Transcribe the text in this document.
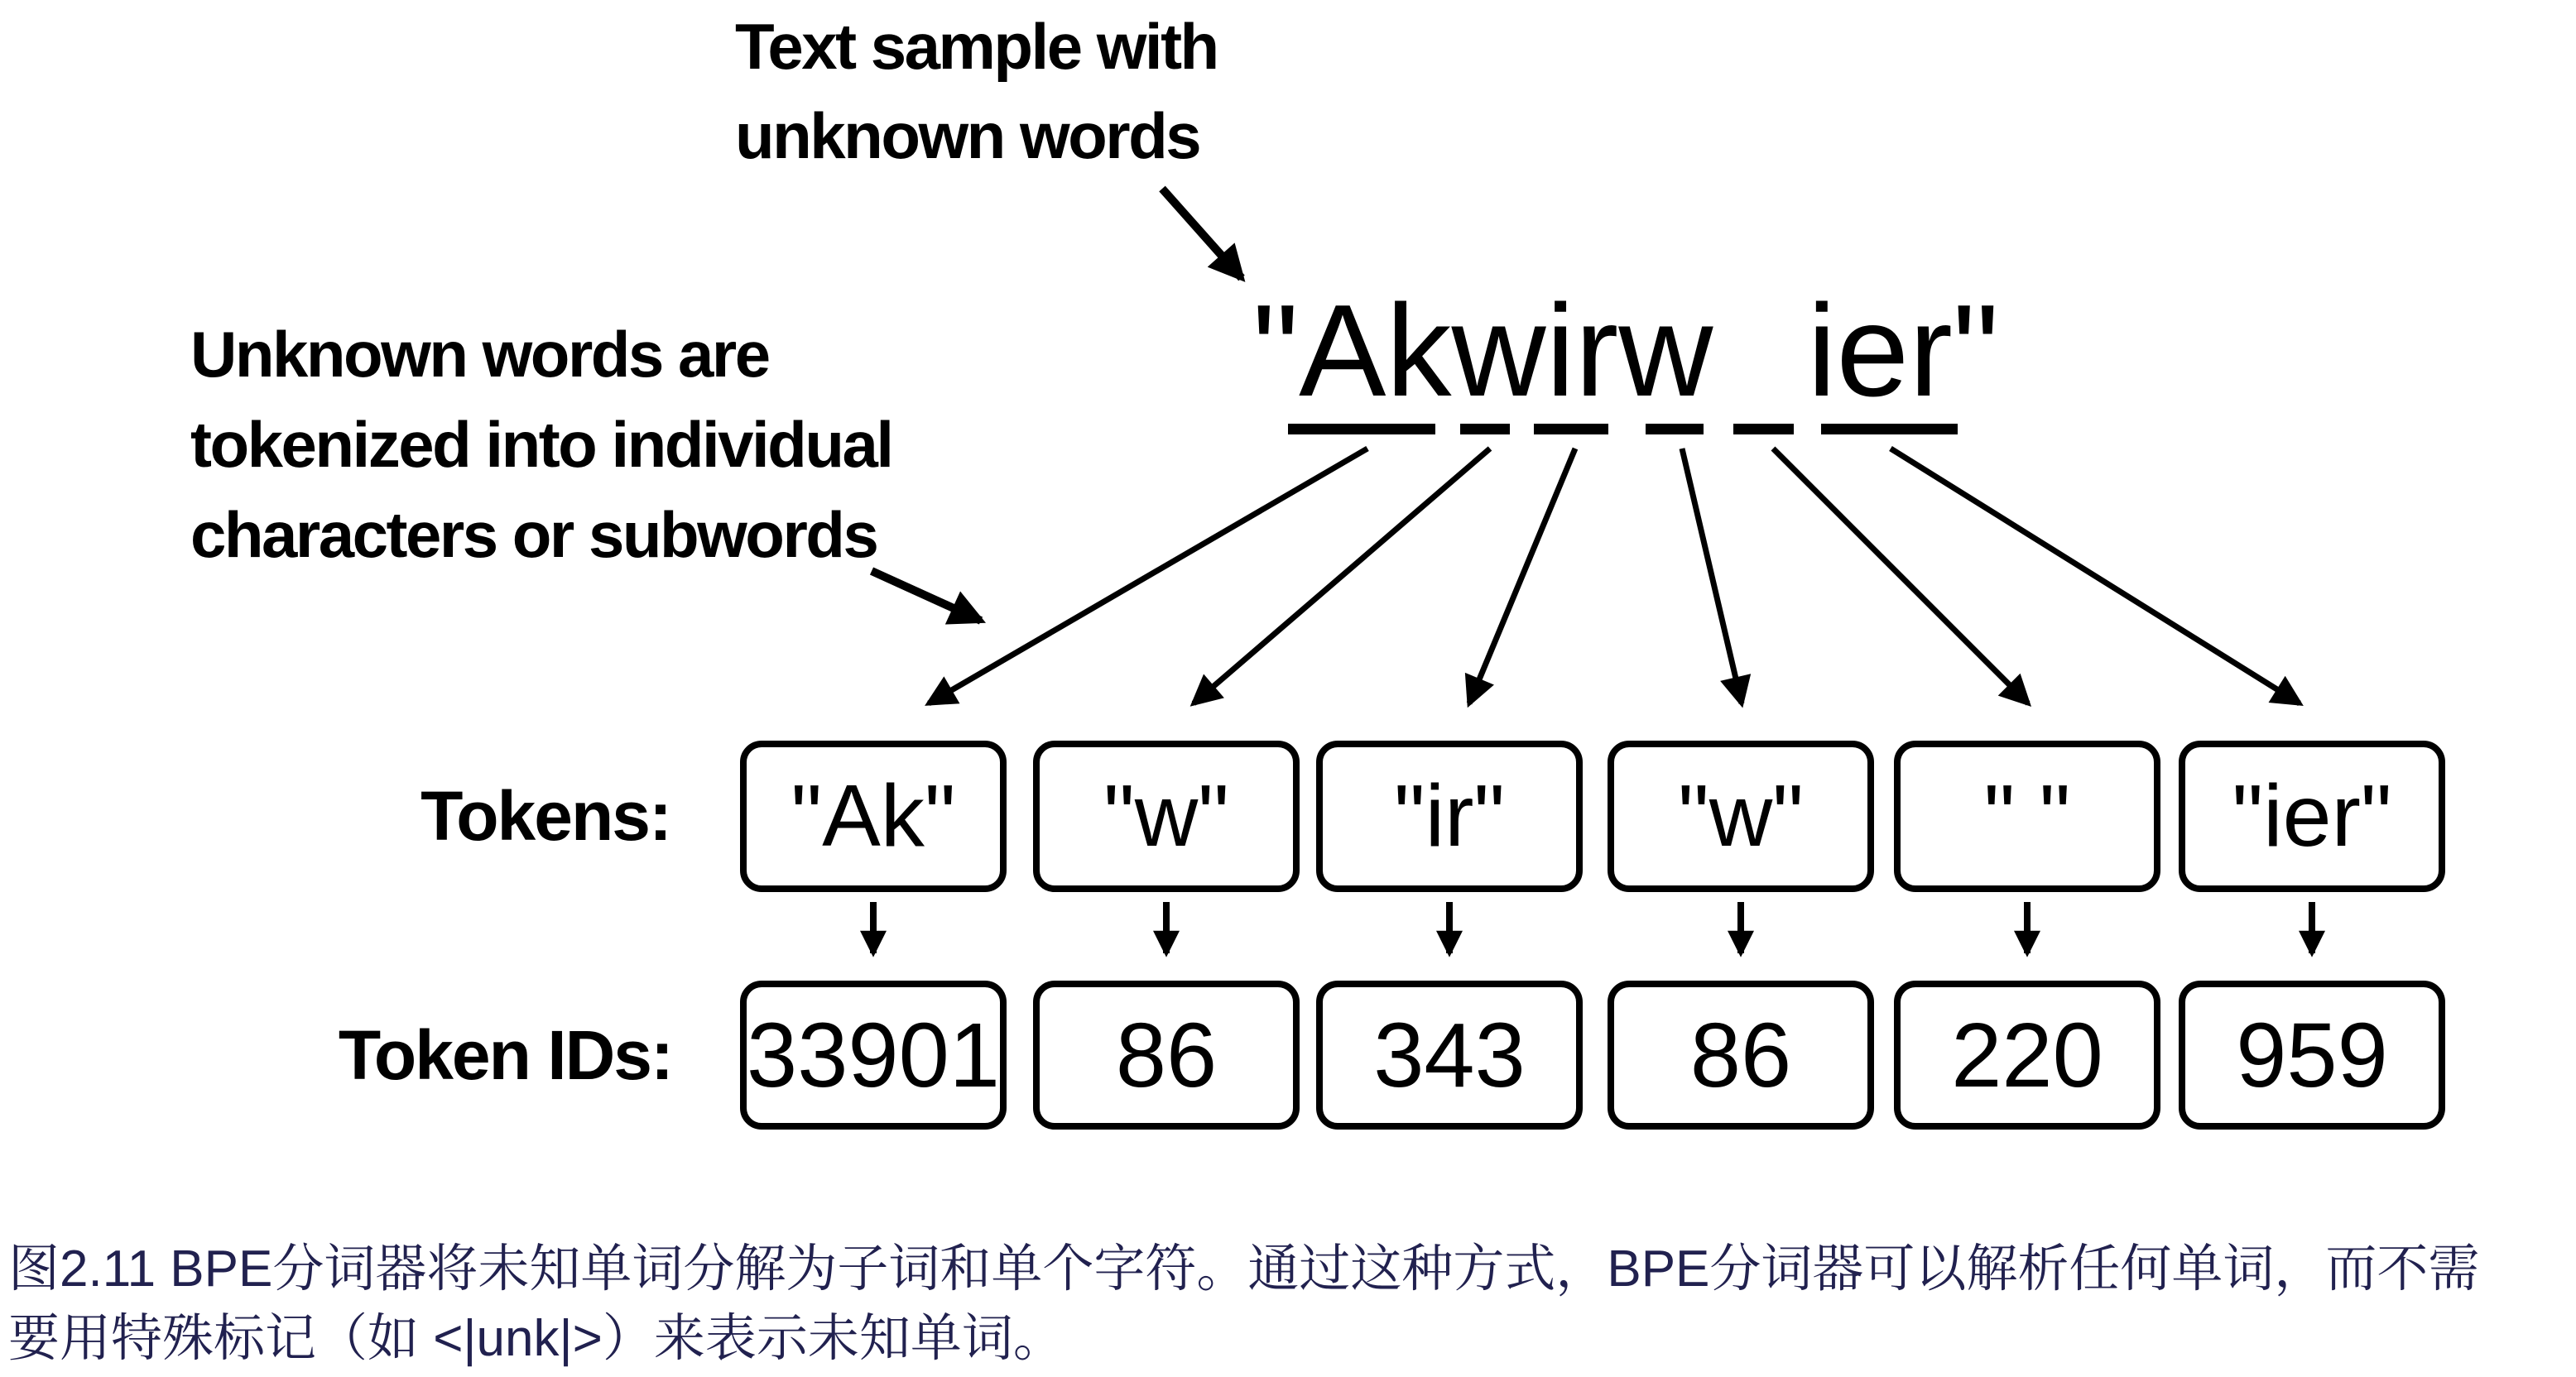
Text sample with
unknown words
Unknown words are
tokenized into individual
characters or subwords
"Akwirw ier"
Tokens:	"Ak"	"w"	"ir"	"w"	" "	"ier"
Token IDs: 33901	86	343	86	220	959
图2.11 BPE分词器将未知单词分解为子词和单个字符。通过这种方式，BPE分词器可以解析任何单词，而不需
要用特殊标记（如 <|unk|>）来表示未知单词。
